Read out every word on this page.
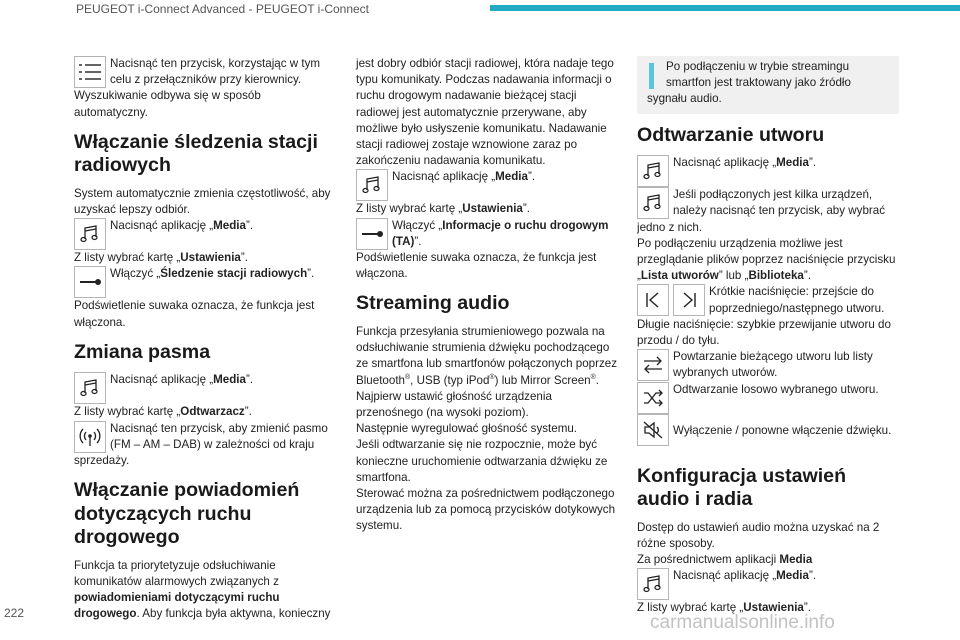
PEUGEOT i-Connect Advanced - PEUGEOT i-Connect

Nacisnąć ten przycisk, korzystając w tym celu z przełączników przy kierownicy.

Wyszukiwanie odbywa się w sposób automatyczny.

Włączanie śledzenia stacji radiowych

System automatycznie zmienia częstotliwość, aby uzyskać lepszy odbiór.

Nacisnąć aplikację „Media”.

Z listy wybrać kartę „Ustawienia”.

Włączyć „Śledzenie stacji radiowych”.

Podświetlenie suwaka oznacza, że funkcja jest włączona.

Zmiana pasma

Nacisnąć aplikację „Media”.

Z listy wybrać kartę „Odtwarzacz”.

Nacisnąć ten przycisk, aby zmienić pasmo (FM – AM – DAB) w zależności od kraju sprzedaży.

Włączanie powiadomień dotyczących ruchu drogowego

Funkcja ta priorytetyzuje odsłuchiwanie komunikatów alarmowych związanych z powiadomieniami dotyczącymi ruchu drogowego. Aby funkcja była aktywna, konieczny

jest dobry odbiór stacji radiowej, która nadaje tego typu komunikaty. Podczas nadawania informacji o ruchu drogowym nadawanie bieżącej stacji radiowej jest automatycznie przerywane, aby możliwe było usłyszenie komunikatu. Nadawanie stacji radiowej zostaje wznowione zaraz po zakończeniu nadawania komunikatu.

Nacisnąć aplikację „Media”.

Z listy wybrać kartę „Ustawienia”.

Włączyć „Informacje o ruchu drogowym (TA)”.

Podświetlenie suwaka oznacza, że funkcja jest włączona.

Streaming audio

Funkcja przesyłania strumieniowego pozwala na odsłuchiwanie strumienia dźwięku pochodzącego ze smartfona lub smartfonów połączonych poprzez Bluetooth®, USB (typ iPod®) lub Mirror Screen®.

Najpierw ustawić głośność urządzenia przenośnego (na wysoki poziom).

Następnie wyregulować głośność systemu.

Jeśli odtwarzanie się nie rozpocznie, może być konieczne uruchomienie odtwarzania dźwięku ze smartfona.

Sterować można za pośrednictwem podłączonego urządzenia lub za pomocą przycisków dotykowych systemu.

Po podłączeniu w trybie streamingu smartfon jest traktowany jako źródło sygnału audio.

Odtwarzanie utworu

Nacisnąć aplikację „Media”.

Jeśli podłączonych jest kilka urządzeń, należy nacisnąć ten przycisk, aby wybrać jedno z nich.

Po podłączeniu urządzenia możliwe jest przeglądanie plików poprzez naciśnięcie przycisku „Lista utworów” lub „Biblioteka”.

Krótkie naciśnięcie: przejście do poprzedniego/następnego utworu.

Długie naciśnięcie: szybkie przewijanie utworu do przodu / do tyłu.

Powtarzanie bieżącego utworu lub listy wybranych utworów.

Odtwarzanie losowo wybranego utworu.

Wyłączenie / ponowne włączenie dźwięku.

Konfiguracja ustawień audio i radia

Dostęp do ustawień audio można uzyskać na 2 różne sposoby.

Za pośrednictwem aplikacji Media

Nacisnąć aplikację „Media”.

Z listy wybrać kartę „Ustawienia”.

222	carmanualsonline.info
